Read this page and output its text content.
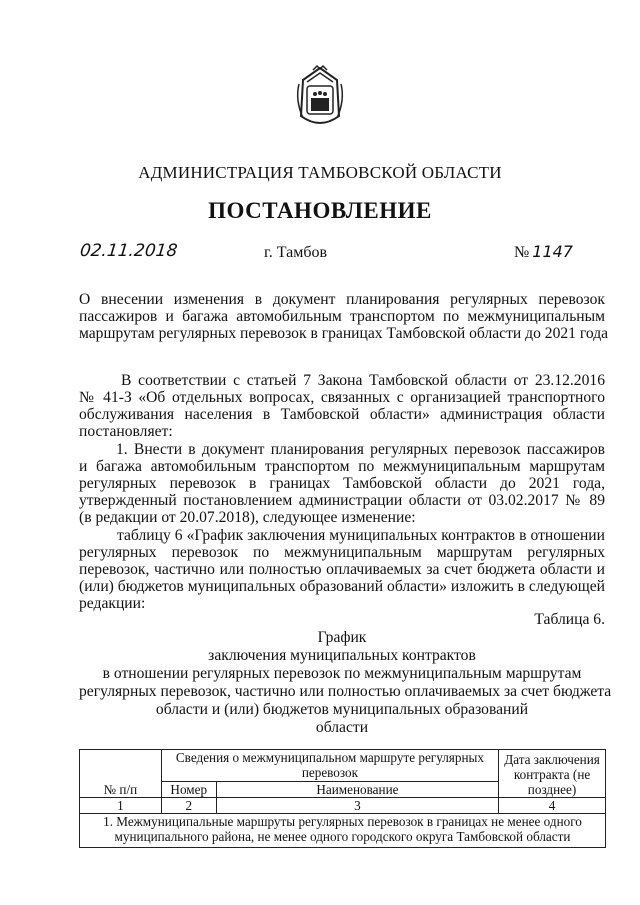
АДМИНИСТРАЦИЯ ТАМБОВСКОЙ ОБЛАСТИ
ПОСТАНОВЛЕНИЕ
02.11.2018	г. Тамбов	№ 1147
О внесении изменения в документ планирования регулярных перевозок
пассажиров и багажа автомобильным транспортом по межмуниципальным
маршрутам регулярных перевозок в границах Тамбовской области до 2021 года
В соответствии с статьей 7 Закона Тамбовской области от 23.12.2016
№ 41-З «Об отдельных вопросах, связанных с организацией транспортного
обслуживания населения в Тамбовской области» администрация области
постановляет:
1. Внести в документ планирования регулярных перевозок пассажиров
и багажа автомобильным транспортом по межмуниципальным маршрутам
регулярных перевозок в границах Тамбовской области до 2021 года,
утвержденный постановлением администрации области от 03.02.2017 № 89
(в редакции от 20.07.2018), следующее изменение:
таблицу 6 «График заключения муниципальных контрактов в отношении
регулярных перевозок по межмуниципальным маршрутам регулярных
перевозок, частично или полностью оплачиваемых за счет бюджета области и
(или) бюджетов муниципальных образований области» изложить в следующей
редакции:
Таблица 6.
График
заключения муниципальных контрактов
в отношении регулярных перевозок по межмуниципальным маршрутам
регулярных перевозок, частично или полностью оплачиваемых за счет бюджета
области и (или) бюджетов муниципальных образований
области
№ п/п	Сведения о межмуниципальном маршруте регулярных перевозок		Дата заключения контракта (не позднее)
	Номер	Наименование	
1	2	3	4
1. Межмуниципальные маршруты регулярных перевозок в границах не менее одного муниципального района, не менее одного городского округа Тамбовской области			
